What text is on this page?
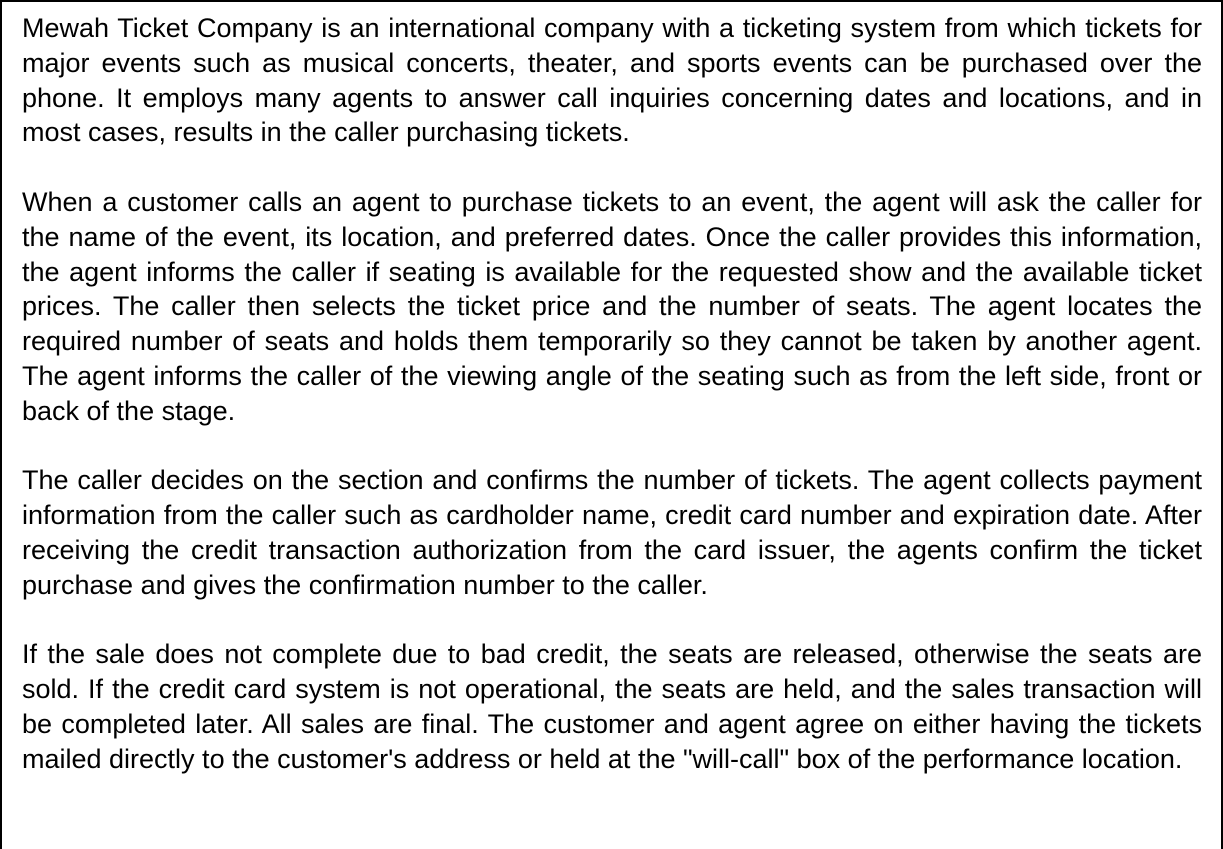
Mewah Ticket Company is an international company with a ticketing system from which tickets for major events such as musical concerts, theater, and sports events can be purchased over the phone. It employs many agents to answer call inquiries concerning dates and locations, and in most cases, results in the caller purchasing tickets.

When a customer calls an agent to purchase tickets to an event, the agent will ask the caller for the name of the event, its location, and preferred dates. Once the caller provides this information, the agent informs the caller if seating is available for the requested show and the available ticket prices. The caller then selects the ticket price and the number of seats. The agent locates the required number of seats and holds them temporarily so they cannot be taken by another agent. The agent informs the caller of the viewing angle of the seating such as from the left side, front or back of the stage.

The caller decides on the section and confirms the number of tickets. The agent collects payment information from the caller such as cardholder name, credit card number and expiration date. After receiving the credit transaction authorization from the card issuer, the agents confirm the ticket purchase and gives the confirmation number to the caller.

If the sale does not complete due to bad credit, the seats are released, otherwise the seats are sold. If the credit card system is not operational, the seats are held, and the sales transaction will be completed later. All sales are final. The customer and agent agree on either having the tickets mailed directly to the customer's address or held at the "will-call" box of the performance location.
